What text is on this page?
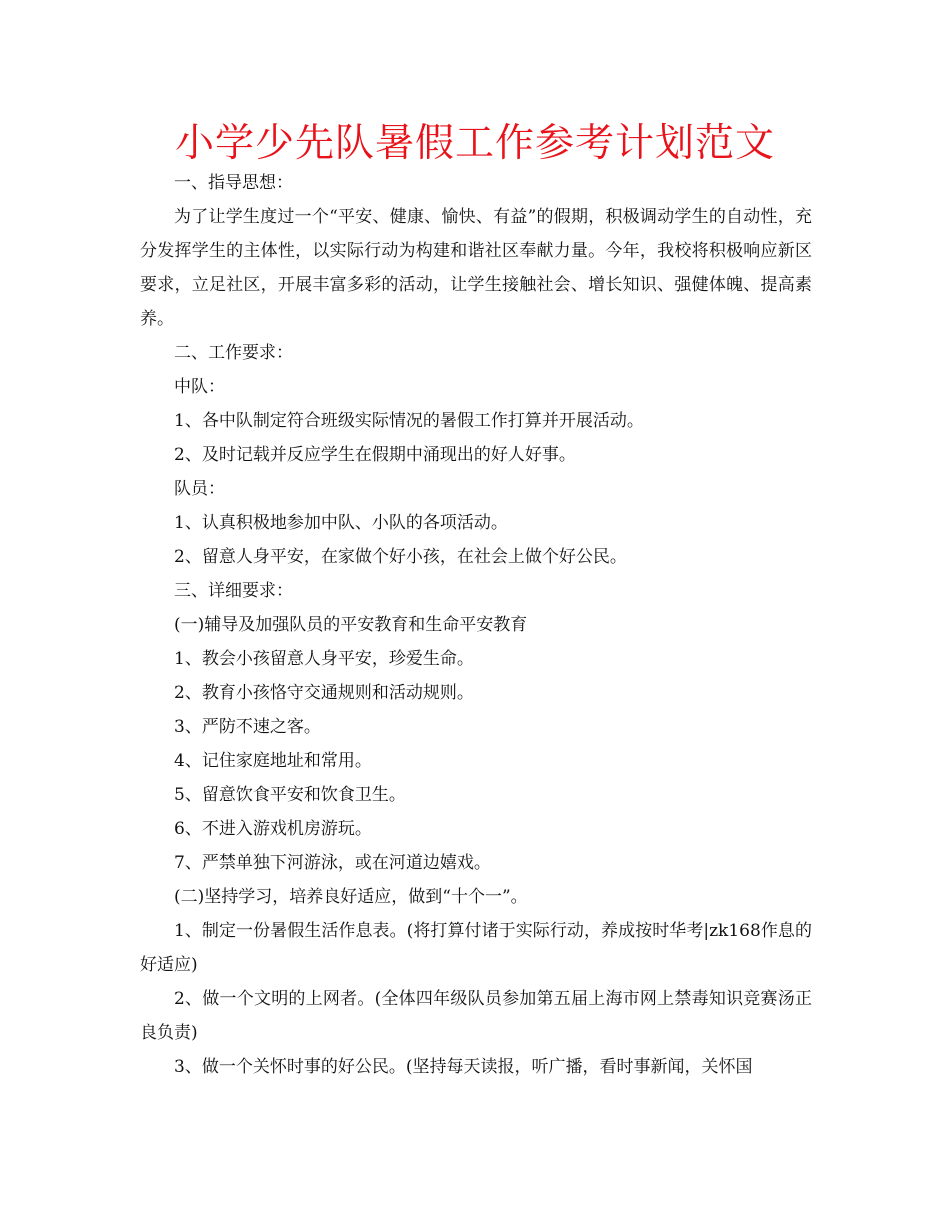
小学少先队暑假工作参考计划范文

一、指导思想：

为了让学生度过一个“平安、健康、愉快、有益”的假期，积极调动学生的自动性，充分发挥学生的主体性，以实际行动为构建和谐社区奉献力量。今年，我校将积极响应新区要求，立足社区，开展丰富多彩的活动，让学生接触社会、增长知识、强健体魄、提高素养。

二、工作要求：

中队：

1、各中队制定符合班级实际情况的暑假工作打算并开展活动。

2、及时记载并反应学生在假期中涌现出的好人好事。

队员：

1、认真积极地参加中队、小队的各项活动。

2、留意人身平安，在家做个好小孩，在社会上做个好公民。

三、详细要求：

(一)辅导及加强队员的平安教育和生命平安教育

1、教会小孩留意人身平安，珍爱生命。

2、教育小孩恪守交通规则和活动规则。

3、严防不速之客。

4、记住家庭地址和常用。

5、留意饮食平安和饮食卫生。

6、不进入游戏机房游玩。

7、严禁单独下河游泳，或在河道边嬉戏。

(二)坚持学习，培养良好适应，做到“十个一”。

1、制定一份暑假生活作息表。(将打算付诸于实际行动，养成按时华考|zk168作息的好适应)

2、做一个文明的上网者。(全体四年级队员参加第五届上海市网上禁毒知识竞赛汤正良负责)

3、做一个关怀时事的好公民。(坚持每天读报，听广播，看时事新闻，关怀国
